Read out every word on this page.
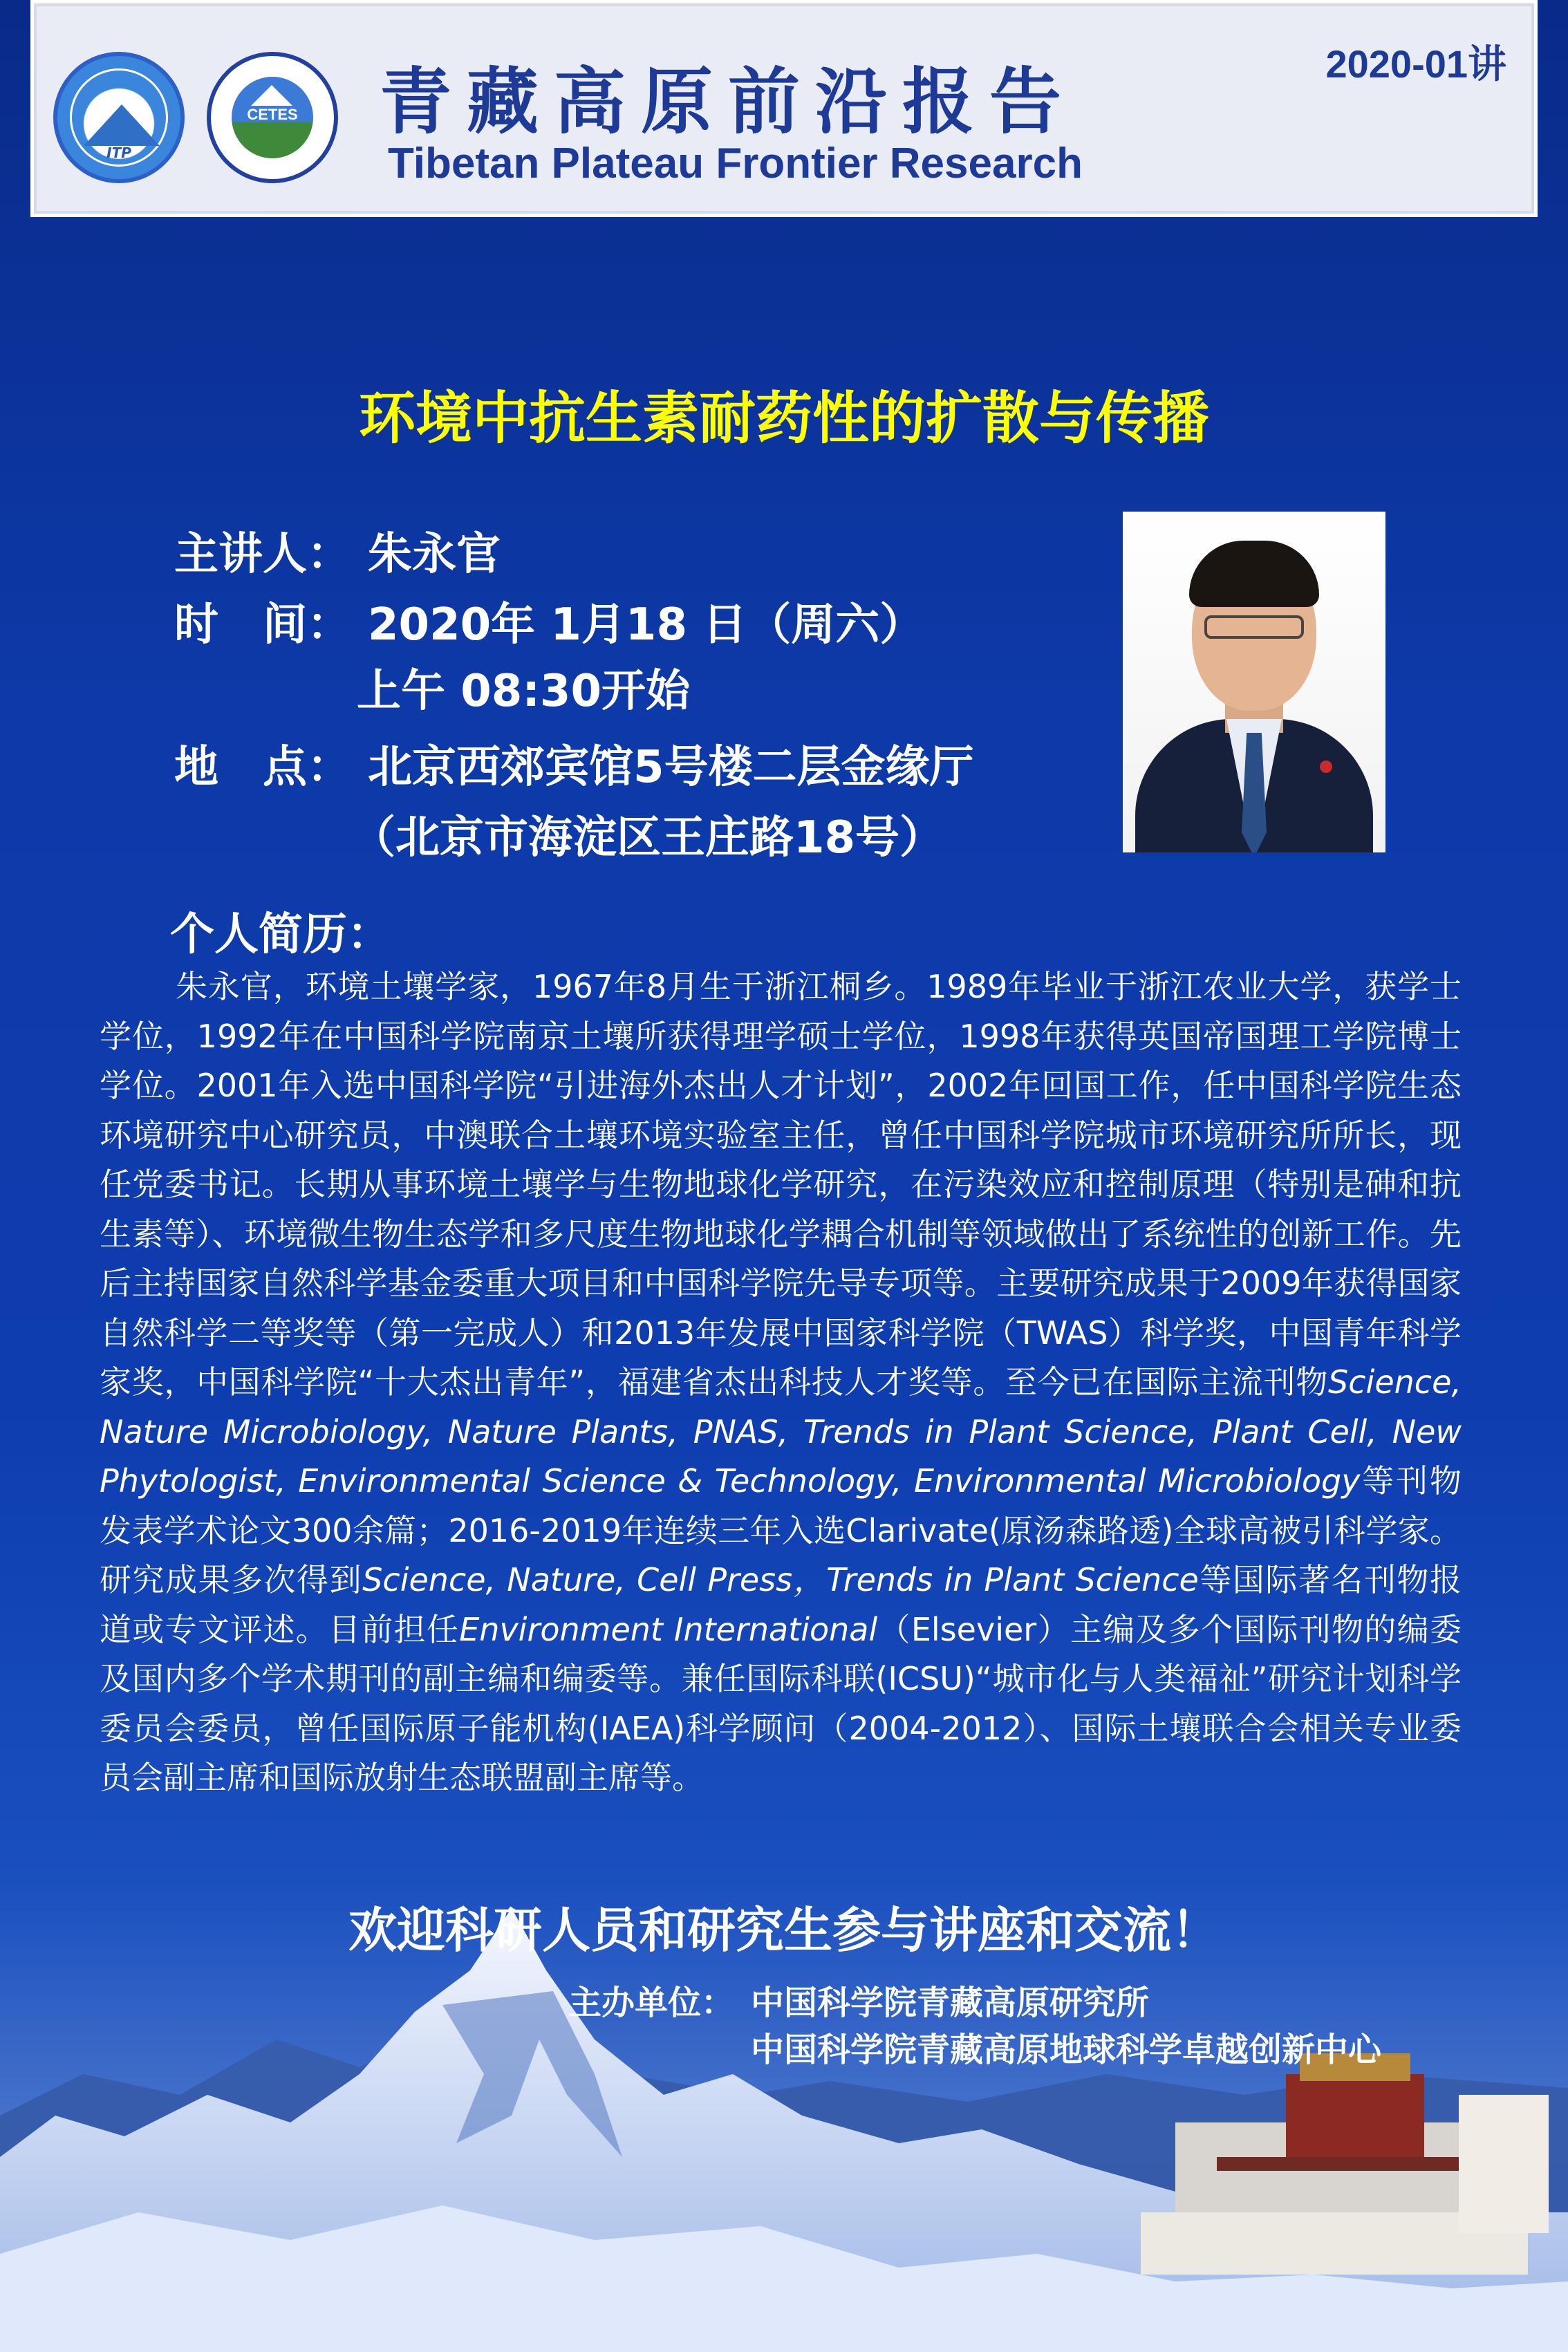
ITP
CETES	青藏高原前沿报告
Tibetan Plateau Frontier Research
2020-01讲
环境中抗生素耐药性的扩散与传播
主讲人： 朱永官
时　间： 2020年 1月18 日（周六）
上午 08:30开始
地　点： 北京西郊宾馆5号楼二层金缘厅
（北京市海淀区王庄路18号）
个人简历：
朱永官，环境土壤学家，1967年8月生于浙江桐乡。1989年毕业于浙江农业大学，获学士学位，1992年在中国科学院南京土壤所获得理学硕士学位，1998年获得英国帝国理工学院博士学位。2001年入选中国科学院“引进海外杰出人才计划”，2002年回国工作，任中国科学院生态环境研究中心研究员，中澳联合土壤环境实验室主任，曾任中国科学院城市环境研究所所长，现任党委书记。长期从事环境土壤学与生物地球化学研究，在污染效应和控制原理（特别是砷和抗生素等）、环境微生物生态学和多尺度生物地球化学耦合机制等领域做出了系统性的创新工作。先后主持国家自然科学基金委重大项目和中国科学院先导专项等。主要研究成果于2009年获得国家自然科学二等奖等（第一完成人）和2013年发展中国家科学院（TWAS）科学奖，中国青年科学家奖，中国科学院“十大杰出青年”，福建省杰出科技人才奖等。至今已在国际主流刊物Science, Nature Microbiology, Nature Plants, PNAS, Trends in Plant Science, Plant Cell, New Phytologist, Environmental Science & Technology, Environmental Microbiology等刊物发表学术论文300余篇；2016-2019年连续三年入选Clarivate(原汤森路透)全球高被引科学家。研究成果多次得到Science, Nature, Cell Press，Trends in Plant Science等国际著名刊物报道或专文评述。目前担任Environment International（Elsevier）主编及多个国际刊物的编委及国内多个学术期刊的副主编和编委等。兼任国际科联(ICSU)“城市化与人类福祉”研究计划科学委员会委员，曾任国际原子能机构(IAEA)科学顾问（2004-2012）、国际土壤联合会相关专业委员会副主席和国际放射生态联盟副主席等。
欢迎科研人员和研究生参与讲座和交流！
主办单位： 中国科学院青藏高原研究所
中国科学院青藏高原地球科学卓越创新中心
